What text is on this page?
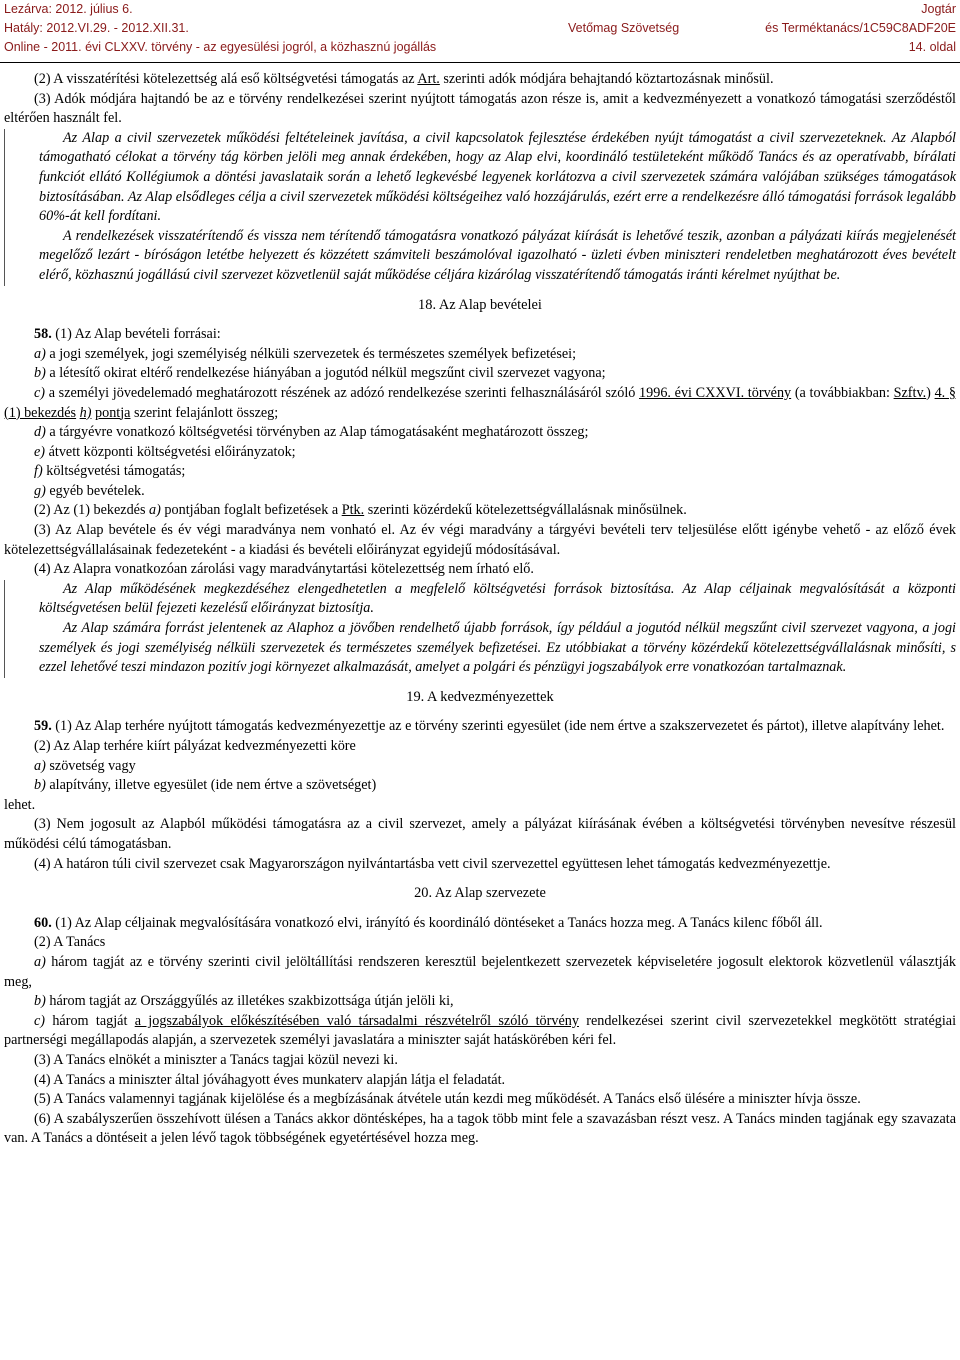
Lezárva: 2012. július 6.	Jogtár
Hatály: 2012.VI.29. - 2012.XII.31.	Vetőmag Szövetség	és Terméktanács/1C59C8ADF20E
Online - 2011. évi CLXXV. törvény - az egyesülési jogról, a közhasznú jogállás	14. oldal

(2) A visszatérítési kötelezettség alá eső költségvetési támogatás az Art. szerinti adók módjára behajtandó köztartozásnak minősül.

(3) Adók módjára hajtandó be az e törvény rendelkezései szerint nyújtott támogatás azon része is, amit a kedvezményezett a vonatkozó támogatási szerződéstől eltérően használt fel.

Az Alap a civil szervezetek működési feltételeinek javítása, a civil kapcsolatok fejlesztése érdekében nyújt támogatást a civil szervezeteknek. Az Alapból támogatható célokat a törvény tág körben jelöli meg annak érdekében, hogy az Alap elvi, koordináló testületeként működő Tanács és az operatívabb, bírálati funkciót ellátó Kollégiumok a döntési javaslataik során a lehető legkevésbé legyenek korlátozva a civil szervezetek számára valójában szükséges támogatások biztosításában. Az Alap elsődleges célja a civil szervezetek működési költségeihez való hozzájárulás, ezért erre a rendelkezésre álló támogatási források legalább 60%-át kell fordítani.

A rendelkezések visszatérítendő és vissza nem térítendő támogatásra vonatkozó pályázat kiírását is lehetővé teszik, azonban a pályázati kiírás megjelenését megelőző lezárt - bíróságon letétbe helyezett és közzétett számviteli beszámolóval igazolható - üzleti évben miniszteri rendeletben meghatározott éves bevételt elérő, közhasznú jogállású civil szervezet közvetlenül saját működése céljára kizárólag visszatérítendő támogatás iránti kérelmet nyújthat be.

18. Az Alap bevételei

58. (1) Az Alap bevételi forrásai:

a) a jogi személyek, jogi személyiség nélküli szervezetek és természetes személyek befizetései;

b) a létesítő okirat eltérő rendelkezése hiányában a jogutód nélkül megszűnt civil szervezet vagyona;

c) a személyi jövedelemadó meghatározott részének az adózó rendelkezése szerinti felhasználásáról szóló 1996. évi CXXVI. törvény (a továbbiakban: Szftv.) 4. § (1) bekezdés h) pontja szerint felajánlott összeg;

d) a tárgyévre vonatkozó költségvetési törvényben az Alap támogatásaként meghatározott összeg;

e) átvett központi költségvetési előirányzatok;

f) költségvetési támogatás;

g) egyéb bevételek.

(2) Az (1) bekezdés a) pontjában foglalt befizetések a Ptk. szerinti közérdekű kötelezettségvállalásnak minősülnek.

(3) Az Alap bevétele és év végi maradványa nem vonható el. Az év végi maradvány a tárgyévi bevételi terv teljesülése előtt igénybe vehető - az előző évek kötelezettségvállalásainak fedezeteként - a kiadási és bevételi előirányzat egyidejű módosításával.

(4) Az Alapra vonatkozóan zárolási vagy maradványtartási kötelezettség nem írható elő.

Az Alap működésének megkezdéséhez elengedhetetlen a megfelelő költségvetési források biztosítása. Az Alap céljainak megvalósítását a központi költségvetésen belül fejezeti kezelésű előirányzat biztosítja.

Az Alap számára forrást jelentenek az Alaphoz a jövőben rendelhető újabb források, így például a jogutód nélkül megszűnt civil szervezet vagyona, a jogi személyek és jogi személyiség nélküli szervezetek és természetes személyek befizetései. Ez utóbbiakat a törvény közérdekű kötelezettségvállalásnak minősíti, s ezzel lehetővé teszi mindazon pozitív jogi környezet alkalmazását, amelyet a polgári és pénzügyi jogszabályok erre vonatkozóan tartalmaznak.

19. A kedvezményezettek

59. (1) Az Alap terhére nyújtott támogatás kedvezményezettje az e törvény szerinti egyesület (ide nem értve a szakszervezetet és pártot), illetve alapítvány lehet.

(2) Az Alap terhére kiírt pályázat kedvezményezetti köre

a) szövetség vagy

b) alapítvány, illetve egyesület (ide nem értve a szövetséget)

lehet.

(3) Nem jogosult az Alapból működési támogatásra az a civil szervezet, amely a pályázat kiírásának évében a költségvetési törvényben nevesítve részesül működési célú támogatásban.

(4) A határon túli civil szervezet csak Magyarországon nyilvántartásba vett civil szervezettel együttesen lehet támogatás kedvezményezettje.

20. Az Alap szervezete

60. (1) Az Alap céljainak megvalósítására vonatkozó elvi, irányító és koordináló döntéseket a Tanács hozza meg. A Tanács kilenc főből áll.

(2) A Tanács

a) három tagját az e törvény szerinti civil jelöltállítási rendszeren keresztül bejelentkezett szervezetek képviseletére jogosult elektorok közvetlenül választják meg,

b) három tagját az Országgyűlés az illetékes szakbizottsága útján jelöli ki,

c) három tagját a jogszabályok előkészítésében való társadalmi részvételről szóló törvény rendelkezései szerint civil szervezetekkel megkötött stratégiai partnerségi megállapodás alapján, a szervezetek személyi javaslatára a miniszter saját hatáskörében kéri fel.

(3) A Tanács elnökét a miniszter a Tanács tagjai közül nevezi ki.

(4) A Tanács a miniszter által jóváhagyott éves munkaterv alapján látja el feladatát.

(5) A Tanács valamennyi tagjának kijelölése és a megbízásának átvétele után kezdi meg működését. A Tanács első ülésére a miniszter hívja össze.

(6) A szabályszerűen összehívott ülésen a Tanács akkor döntésképes, ha a tagok több mint fele a szavazásban részt vesz. A Tanács minden tagjának egy szavazata van. A Tanács a döntéseit a jelen lévő tagok többségének egyetértésével hozza meg.
